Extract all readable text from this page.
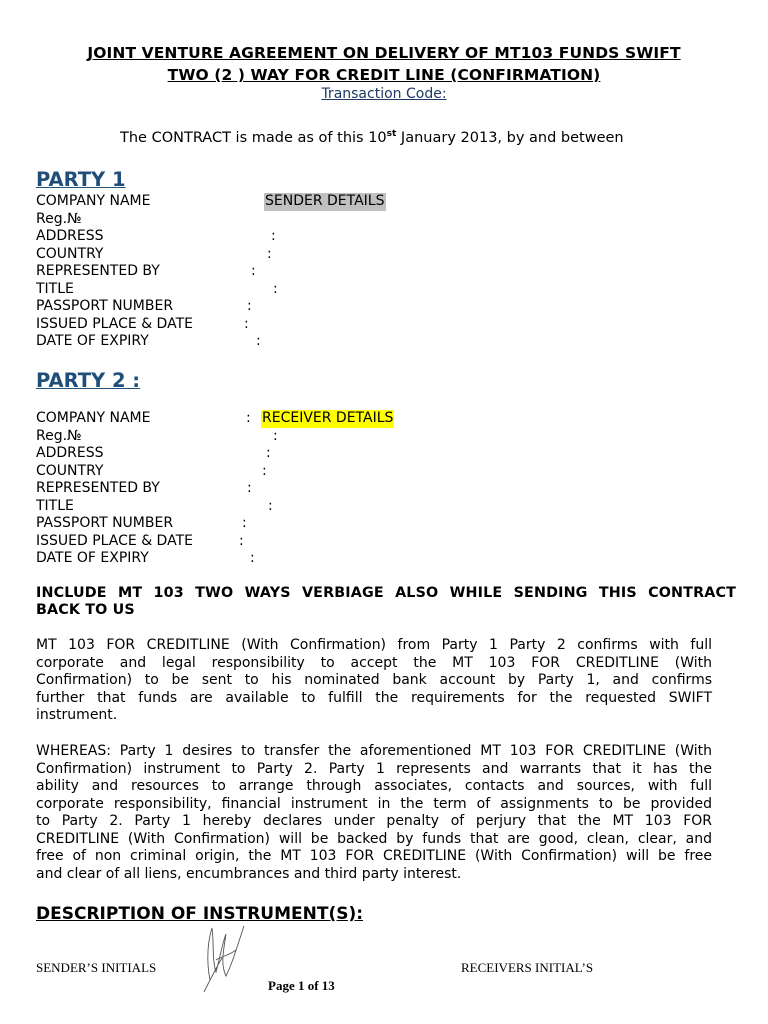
JOINT VENTURE AGREEMENT ON DELIVERY OF MT103 FUNDS SWIFT
TWO (2 ) WAY FOR CREDIT LINE (CONFIRMATION)
Transaction Code:
The CONTRACT is made as of this 10st January 2013, by and between
PARTY 1
COMPANY NAME	SENDER DETAILS
Reg.№
ADDRESS	:
COUNTRY	:
REPRESENTED BY	:
TITLE	:
PASSPORT NUMBER	:
ISSUED PLACE & DATE	:
DATE OF EXPIRY	:
PARTY 2 :
COMPANY NAME	: RECEIVER DETAILS
Reg.№	:
ADDRESS	:
COUNTRY	:
REPRESENTED BY	:
TITLE	:
PASSPORT NUMBER	:
ISSUED PLACE & DATE	:
DATE OF EXPIRY	:
INCLUDE MT 103 TWO WAYS VERBIAGE ALSO WHILE SENDING THIS CONTRACT
BACK TO US
MT 103 FOR CREDITLINE (With Confirmation) from Party 1 Party 2 confirms with full
corporate and legal responsibility to accept the MT 103 FOR CREDITLINE (With
Confirmation) to be sent to his nominated bank account by Party 1, and confirms
further that funds are available to fulfill the requirements for the requested SWIFT
instrument.
WHEREAS: Party 1 desires to transfer the aforementioned MT 103 FOR CREDITLINE (With
Confirmation) instrument to Party 2. Party 1 represents and warrants that it has the
ability and resources to arrange through associates, contacts and sources, with full
corporate responsibility, financial instrument in the term of assignments to be provided
to Party 2. Party 1 hereby declares under penalty of perjury that the MT 103 FOR
CREDITLINE (With Confirmation) will be backed by funds that are good, clean, clear, and
free of non criminal origin, the MT 103 FOR CREDITLINE (With Confirmation) will be free
and clear of all liens, encumbrances and third party interest.
DESCRIPTION OF INSTRUMENT(S):
SENDER’S INITIALS	RECEIVERS INITIAL’S
Page 1 of 13
